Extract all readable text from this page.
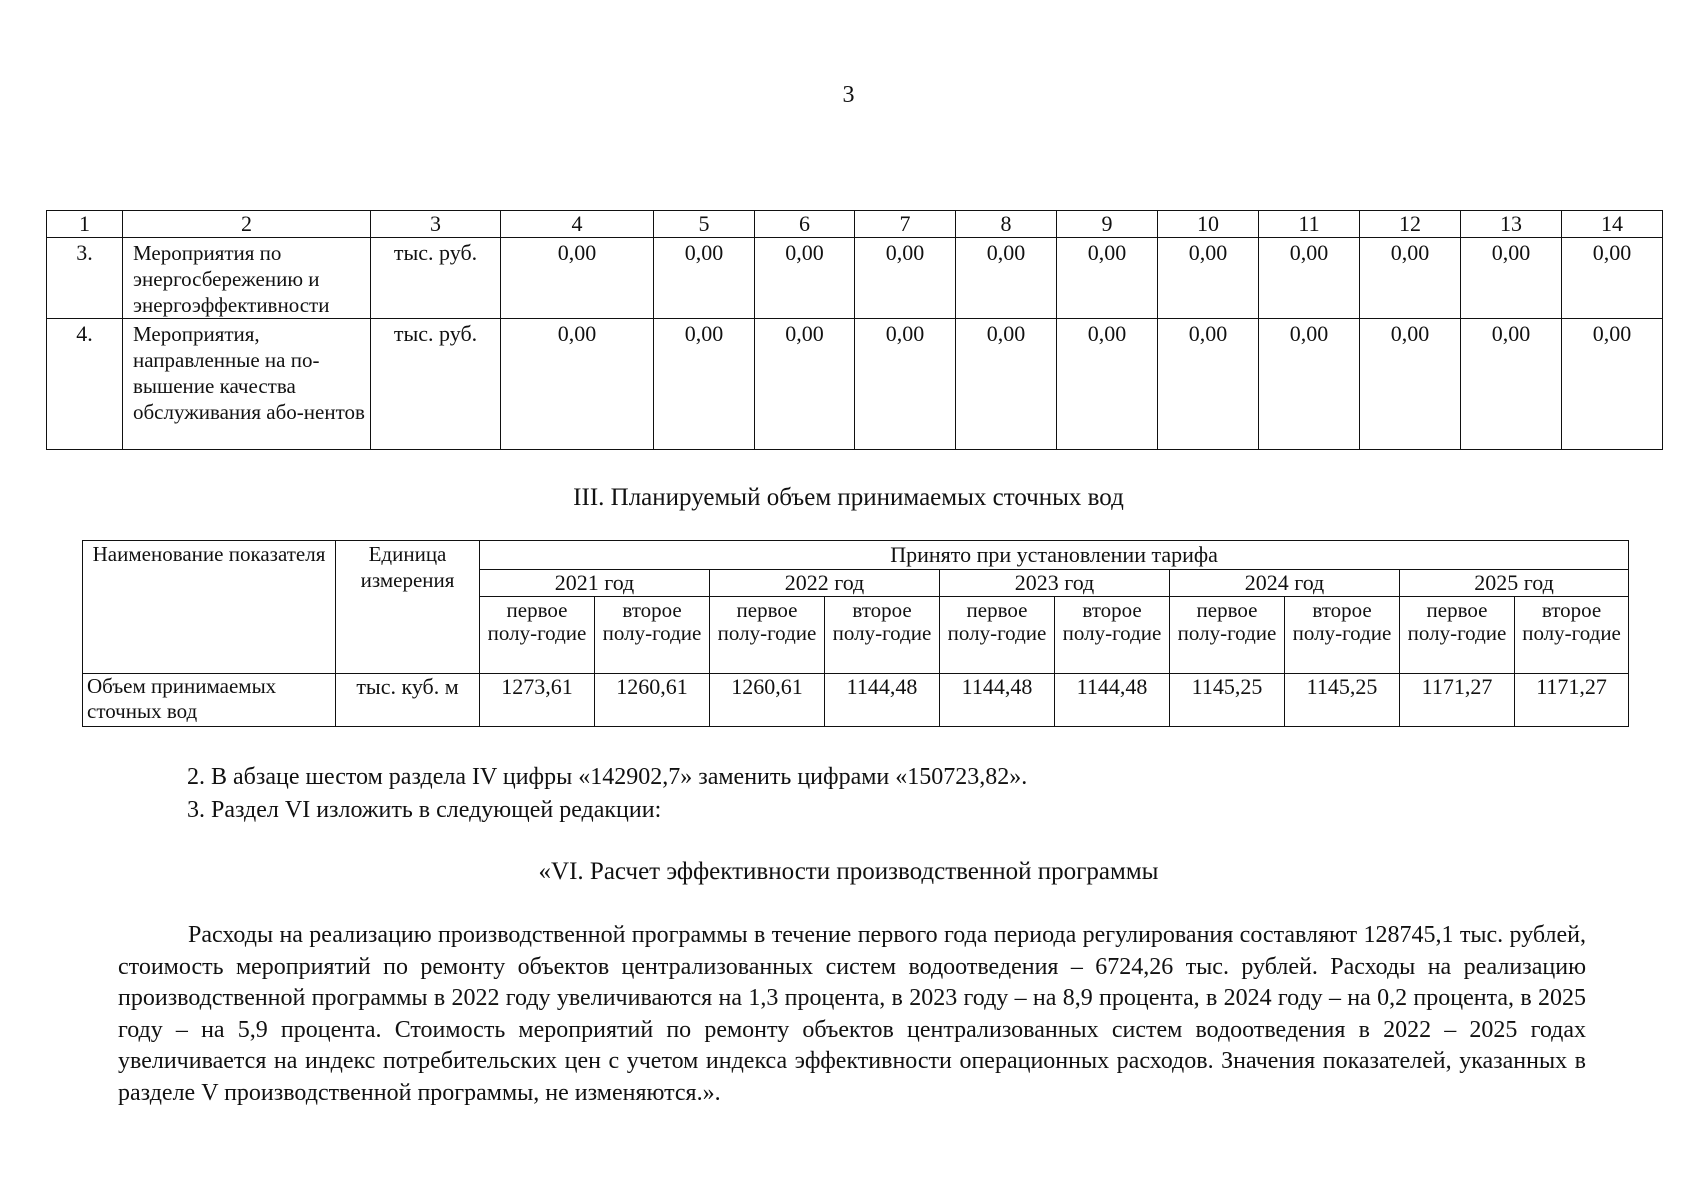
3
1	2	3	4	5	6	7	8	9	10	11	12	13	14
3.	Мероприятия по энергосбережению и энергоэффективности	тыс. руб.	0,00	0,00	0,00	0,00	0,00	0,00	0,00	0,00	0,00	0,00	0,00
4.	Мероприятия, направленные на по-вышение качества обслуживания або-нентов	тыс. руб.	0,00	0,00	0,00	0,00	0,00	0,00	0,00	0,00	0,00	0,00	0,00
III. Планируемый объем принимаемых сточных вод
Наименование показателя	Единица измерения	Принято при установлении тарифа									
		2021 год		2022 год		2023 год		2024 год		2025 год	
		первое полу-годие	второе полу-годие	первое полу-годие	второе полу-годие	первое полу-годие	второе полу-годие	первое полу-годие	второе полу-годие	первое полу-годие	второе полу-годие
Объем принимаемых сточных вод	тыс. куб. м	1273,61	1260,61	1260,61	1144,48	1144,48	1144,48	1145,25	1145,25	1171,27	1171,27
2. В абзаце шестом раздела IV цифры «142902,7» заменить цифрами «150723,82».
3. Раздел VI изложить в следующей редакции:
«VI. Расчет эффективности производственной программы
Расходы на реализацию производственной программы в течение первого года периода регулирования составляют 128745,1 тыс. рублей, стоимость мероприятий по ремонту объектов централизованных систем водоотведения – 6724,26 тыс. рублей. Расходы на реализацию производственной программы в 2022 году увеличиваются на 1,3 процента, в 2023 году – на 8,9 процента, в 2024 году – на 0,2 процента, в 2025 году – на 5,9 процента. Стоимость мероприятий по ремонту объектов централизованных систем водоотведения в 2022 – 2025 годах увеличивается на индекс потребительских цен с учетом индекса эффективности операционных расходов. Значения показателей, указанных в разделе V производственной программы, не изменяются.».
